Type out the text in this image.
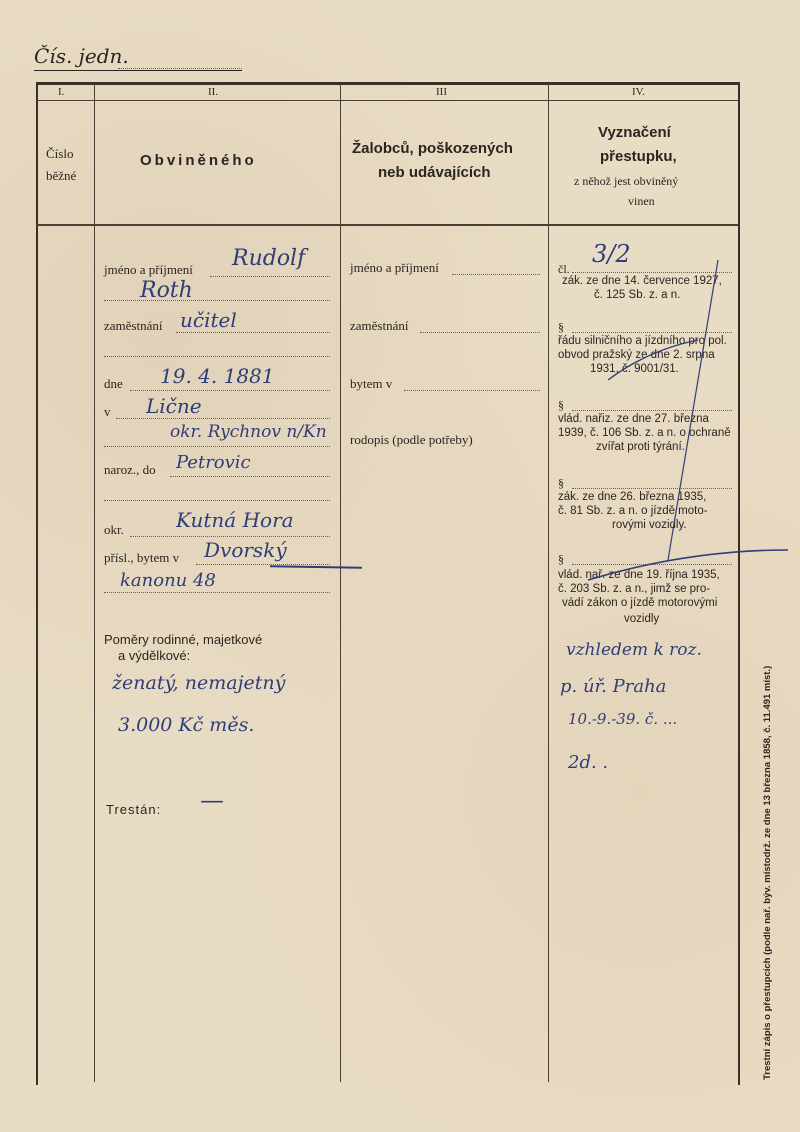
Čís. jedn.
I.	II.	III	IV.
Číslo
běžné
Obviněného
Žalobců, poškozených
neb udávajících
Vyznačení
přestupku,
z něhož jest obviněný
vinen
jméno a příjmení Rudolf
Roth
zaměstnání učitel
dne 19. 4. 1881
v Lične
okr. Rychnov n/Kn
naroz., do Petrovic
okr.	Kutná Hora
přísl., bytem v Dvorský
kanonu 48
Poměry rodinné, majetkové
a výdělkové:
ženatý, nemajetný
3.000 Kč měs.
Trestán: —
jméno a příjmení
zaměstnání
bytem v
rodopis (podle potřeby)
čl.
3/2
zák. ze dne 14. července 1927,
č. 125 Sb. z. a n.
§
řádu silničního a jízdního pro pol.
obvod pražský ze dne 2. srpna
1931, č. 9001/31.
§
vlád. nařiz. ze dne 27. března
1939, č. 106 Sb. z. a n. o ochraně
zvířat proti týrání.
§
zák. ze dne 26. března 1935,
č. 81 Sb. z. a n. o jízdě moto-
rovými vozidly.
§
vlád. nař. ze dne 19. října 1935,
č. 203 Sb. z. a n., jimž se pro-
vádí zákon o jízdě motorovými
vozidly
vzhledem k roz.
p. úř. Praha
10.-9.-39. č. ...
2d. .	Trestní zápis o přestupcích (podle nař. býv. místodrž. ze dne 13 března 1858, č. 11.491 míst.)
